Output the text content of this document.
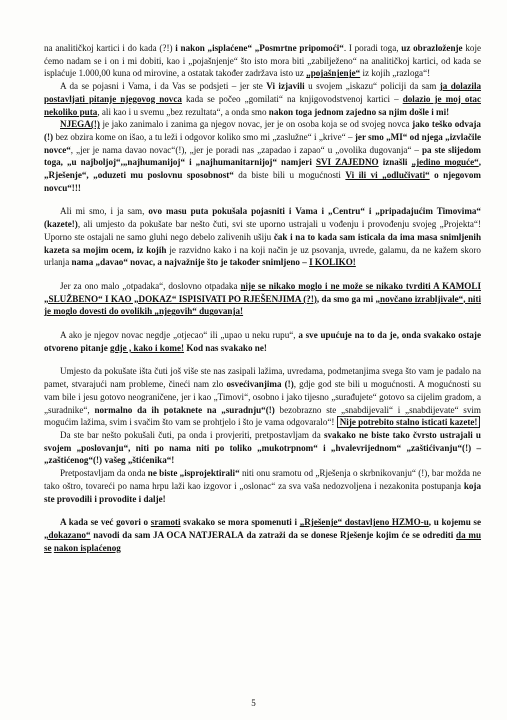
na analitičkoj kartici i do kada (?!) i nakon „isplaćene“ „Posmrtne pripomoći“. I poradi toga, uz obrazloženje koje ćemo nadam se i on i mi dobiti, kao i „pojašnjenje“ što isto mora biti „zabilježeno“ na analitičkoj kartici, od kada se isplaćuje 1.000,00 kuna od mirovine, a ostatak također zadržava isto uz „pojašnjenje“ iz kojih „razloga“!

A da se pojasni i Vama, i da Vas se podsjeti – jer ste Vi izjavili u svojem „iskazu“ policiji da sam ja dolazila postavljati pitanje njegovog novca kada se počeo „gomilati“ na knjigovodstvenoj kartici – dolazio je moj otac nekoliko puta, ali kao i u svemu „bez rezultata“, a onda smo nakon toga jednom zajedno sa njim došle i mi!

NJEGA(!) je jako zanimalo i zanima ga njegov novac, jer je on osoba koja se od svojeg novca jako teško odvaja (!) bez obzira kome on išao, a tu leži i odgovor koliko smo mi „zaslužne“ i „krive“ – jer smo „MI“ od njega „izvlačile novce“, „jer je nama davao novac“(!), „jer je poradi nas „zapadao i zapao“ u „ovolika dugovanja“ – pa ste slijedom toga, „u najboljoj“,„najhumanijoj“ i „najhumanitarnijoj“ namjeri SVI ZAJEDNO iznašli „jedino moguće“, „Rješenje“, „oduzeti mu poslovnu sposobnost“ da biste bili u mogućnosti Vi ili vi „odlučivati“ o njegovom novcu“!!!

Ali mi smo, i ja sam, ovo masu puta pokušala pojasniti i Vama i „Centru“ i „pripadajućim Timovima“ (kazete!), ali umjesto da pokušate bar nešto čuti, svi ste uporno ustrajali u vođenju i provođenju svojeg „Projekta“! Uporno ste ostajali ne samo gluhi nego debelo zalivenih ušiju čak i na to kada sam isticala da ima masa snimljenih kazeta sa mojim ocem, iz kojih je razvidno kako i na koji način je uz psovanja, uvrede, galamu, da ne kažem skoro urlanja nama „davao“ novac, a najvažnije što je također snimljeno – I KOLIKO!

Jer za ono malo „otpadaka“, doslovno otpadaka nije se nikako moglo i ne može se nikako tvrditi A KAMOLI „SLUŽBENO“ I KAO „DOKAZ“ ISPISIVATI PO RJEŠENJIMA (?!), da smo ga mi „novčano izrabljivale“, niti je moglo dovesti do ovolikih „njegovih“ dugovanja!

A ako je njegov novac negdje „otjecao“ ili „upao u neku rupu“, a sve upućuje na to da je, onda svakako ostaje otvoreno pitanje gdje , kako i kome! Kod nas svakako ne!

Umjesto da pokušate išta čuti još više ste nas zasipali lažima, uvredama, podmetanjima svega što vam je padalo na pamet, stvarajući nam probleme, čineći nam zlo osvećivanjima (!), gdje god ste bili u mogućnosti. A mogućnosti su vam bile i jesu gotovo neograničene, jer i kao „Timovi“, osobno i jako tijesno „surađujete“ gotovo sa cijelim gradom, a „suradnike“, normalno da ih potaknete na „suradnju“(!) bezobrazno ste „snabdijevali“ i „snabdijevate“ svim mogućim lažima, svim i svačim što vam se prohtjelo i što je vama odgovaralo“! Nije potrebito stalno isticati kazete!

Da ste bar nešto pokušali čuti, pa onda i provjeriti, pretpostavljam da svakako ne biste tako čvrsto ustrajali u svojem „poslovanju“, niti po nama niti po toliko „mukotrpnom“ i „hvalevrijednom“ „zaštićivanju“(!) – „zaštićenog“(!) vašeg „štićenika“!

Pretpostavljam da onda ne biste „isprojektirali“ niti onu sramotu od „Rješenja o skrbnikovanju“ (!), bar možda ne tako oštro, tovareći po nama hrpu laži kao izgovor i „oslonac“ za sva vaša nedozvoljena i nezakonita postupanja koja ste provodili i provodite i dalje!

A kada se već govori o sramoti svakako se mora spomenuti i „Rješenje“ dostavljeno HZMO-u, u kojemu se „dokazano“ navodi da sam JA OCA NATJERALA da zatraži da se donese Rješenje kojim će se odrediti da mu se nakon isplaćenog

5
